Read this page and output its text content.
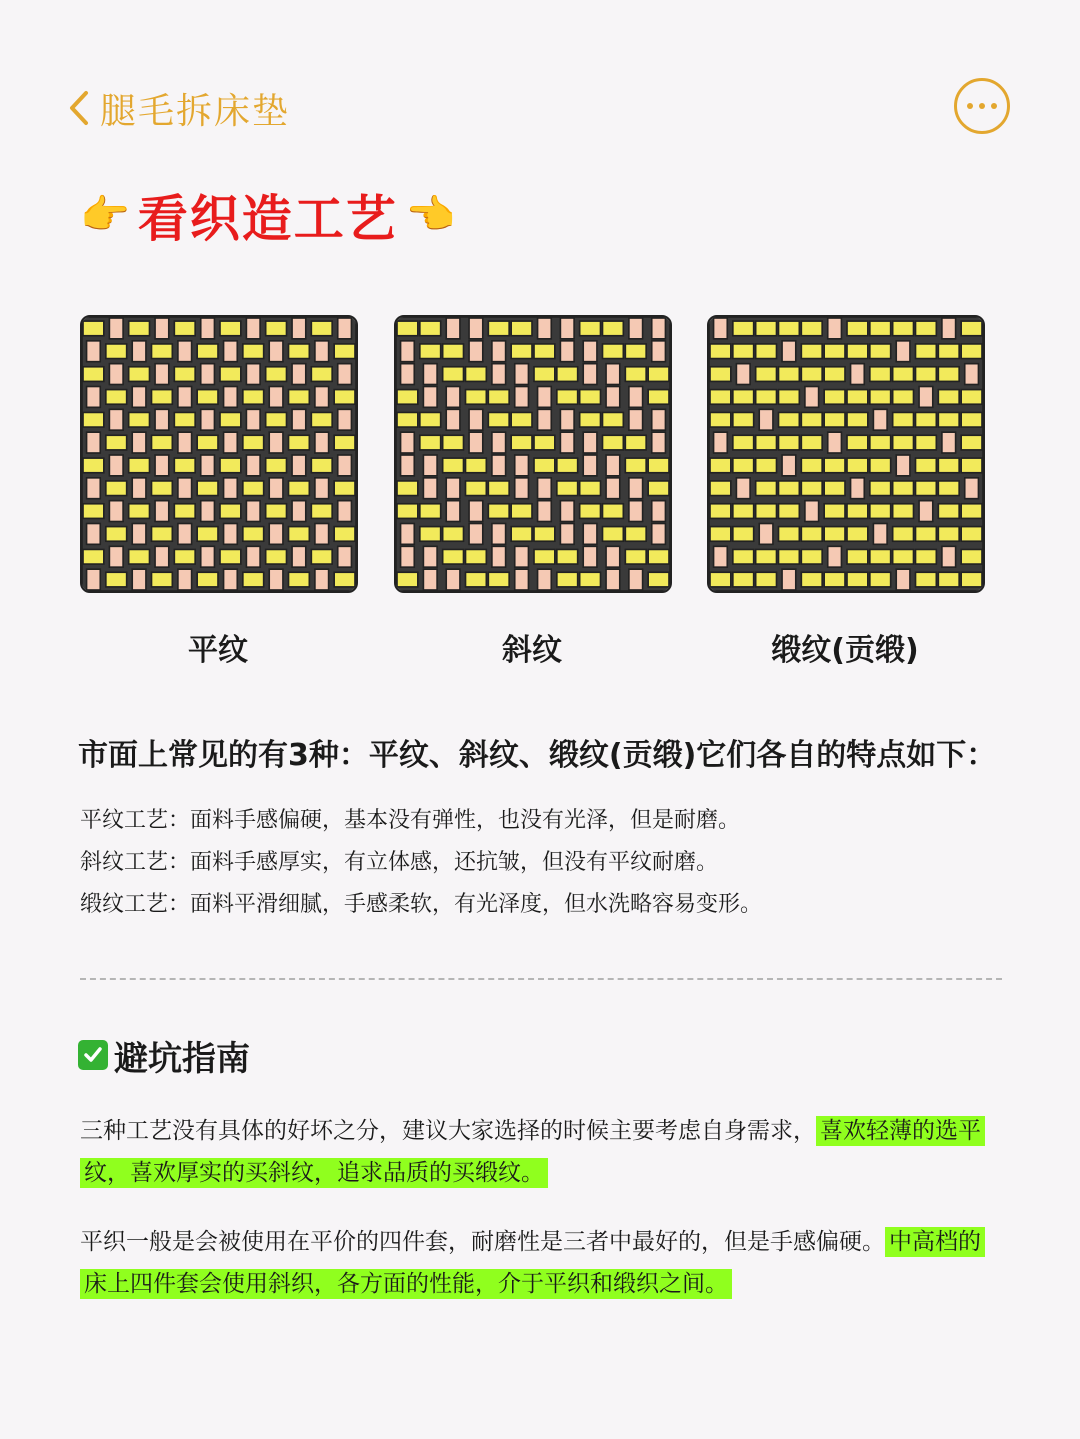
腿毛拆床垫
👉 看织造工艺 👈
平纹	斜纹	缎纹(贡缎)
市面上常见的有3种：平纹、斜纹、缎纹(贡缎)它们各自的特点如下：

平纹工艺：面料手感偏硬，基本没有弹性，也没有光泽，但是耐磨。

斜纹工艺：面料手感厚实，有立体感，还抗皱，但没有平纹耐磨。

缎纹工艺：面料平滑细腻，手感柔软，有光泽度，但水洗略容易变形。

避坑指南
三种工艺没有具体的好坏之分，建议大家选择的时候主要考虑自身需求， 喜欢轻薄的选平纹，喜欢厚实的买斜纹，追求品质的买缎纹。
平织一般是会被使用在平价的四件套，耐磨性是三者中最好的，但是手感偏硬。 中高档的床上四件套会使用斜织，各方面的性能，介于平织和缎织之间。
